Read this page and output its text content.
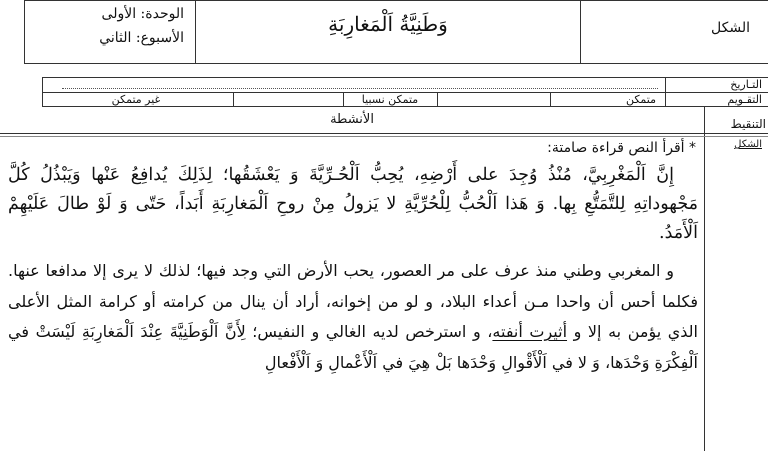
الوحدة: الأولى
الأسبوع: الثاني
وَطَنِيَّةُ اَلْمَغارِبَةِ	الشكل
التـاريخ
التقـويم
متمكن
متمكن نسبيا
غير متمكن
الأنشطة	التنقيط
الشكل
* أقرأ النص قراءة صامتة:

إِنَّ اَلْمَغْرِبِيَّ، مُنْذُ وُجِدَ على أَرْضِهِ، يُحِبُّ اَلْحُـرِّيَّةَ وَ يَعْشَقُها؛ لِذَلِكَ يُدافِعُ عَنْها وَيَبْذُلُ كُلَّ مَجْهوداتِهِ لِلتَّمَتُّعِ بِها. وَ هَذا اَلْحُبُّ لِلْحُرِّيَّةِ لا يَزولُ مِنْ روحِ اَلْمَغارِبَةِ أَبَداً، حَتّى وَ لَوْ طالَ عَلَيْهِمْ اَلْأَمَدُ.

و المغربي وطني منذ عرف على مر العصور، يحب الأرض التي وجد فيها؛ لذلك لا يرى إلا مدافعا عنها. فكلما أحس أن واحدا مـن أعداء البلاد، و لو من إخوانه، أراد أن ينال من كرامته أو كرامة المثل الأعلى الذي يؤمن به إلا و أثيرت أنفته، و استرخص لديه الغالي و النفيس؛ لِأَنَّ اَلْوَطَنِيَّةَ عِنْدَ اَلْمَغارِبَةِ لَيْسَتْ في اَلْفِكْرَةِ وَحْدَها، وَ لا في اَلْأَقْوالِ وَحْدَها بَلْ هِيَ في اَلْأَعْمالِ وَ اَلْأَفْعالِ
